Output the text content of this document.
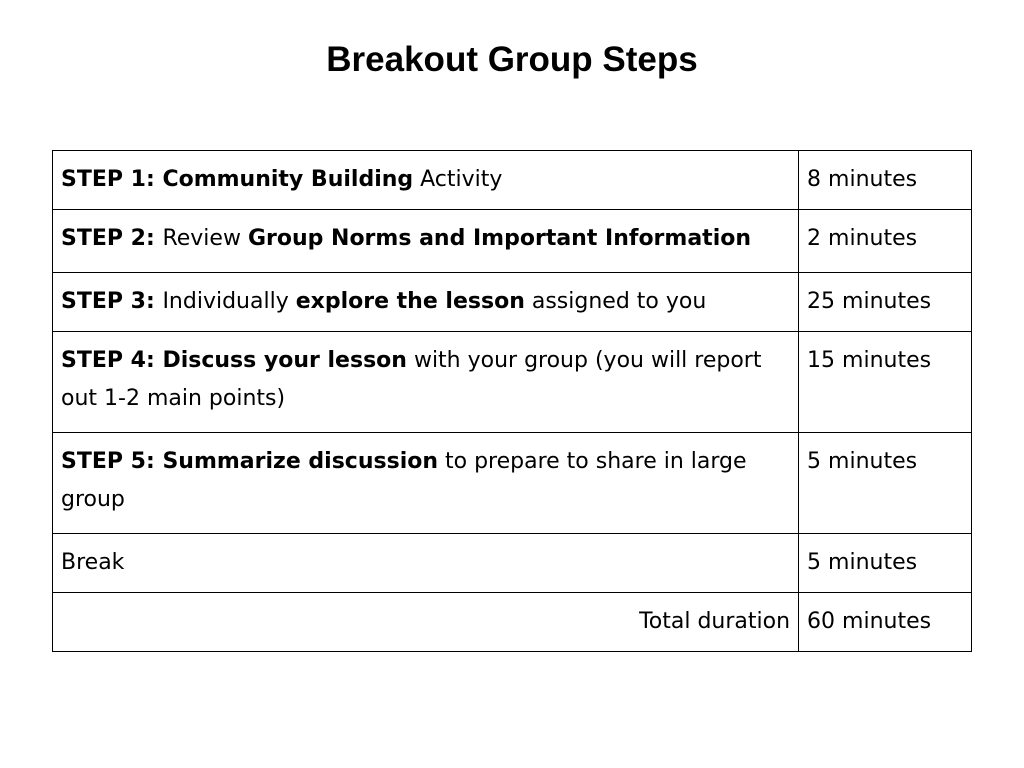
Breakout Group Steps
STEP 1: Community Building Activity	8 minutes
STEP 2: Review Group Norms and Important Information	2 minutes
STEP 3: Individually explore the lesson assigned to you	25 minutes
STEP 4: Discuss your lesson with your group (you will report out 1-2 main points)	15 minutes
STEP 5: Summarize discussion to prepare to share in large group	5 minutes
Break	5 minutes
Total duration	60 minutes
